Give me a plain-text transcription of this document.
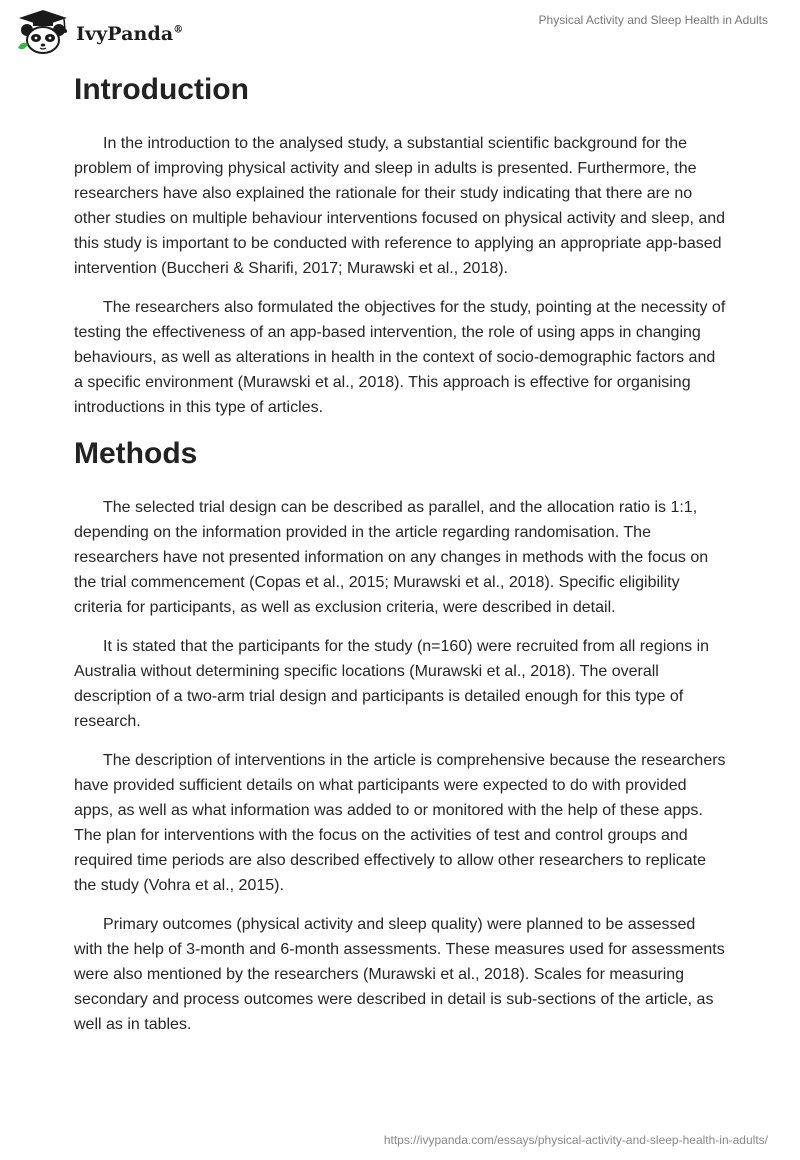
IvyPanda®
Physical Activity and Sleep Health in Adults
Introduction

In the introduction to the analysed study, a substantial scientific background for the problem of improving physical activity and sleep in adults is presented. Furthermore, the researchers have also explained the rationale for their study indicating that there are no other studies on multiple behaviour interventions focused on physical activity and sleep, and this study is important to be conducted with reference to applying an appropriate app-based intervention (Buccheri & Sharifi, 2017; Murawski et al., 2018).

The researchers also formulated the objectives for the study, pointing at the necessity of testing the effectiveness of an app-based intervention, the role of using apps in changing behaviours, as well as alterations in health in the context of socio-demographic factors and a specific environment (Murawski et al., 2018). This approach is effective for organising introductions in this type of articles.

Methods

The selected trial design can be described as parallel, and the allocation ratio is 1:1, depending on the information provided in the article regarding randomisation. The researchers have not presented information on any changes in methods with the focus on the trial commencement (Copas et al., 2015; Murawski et al., 2018). Specific eligibility criteria for participants, as well as exclusion criteria, were described in detail.

It is stated that the participants for the study (n=160) were recruited from all regions in Australia without determining specific locations (Murawski et al., 2018). The overall description of a two-arm trial design and participants is detailed enough for this type of research.

The description of interventions in the article is comprehensive because the researchers have provided sufficient details on what participants were expected to do with provided apps, as well as what information was added to or monitored with the help of these apps. The plan for interventions with the focus on the activities of test and control groups and required time periods are also described effectively to allow other researchers to replicate the study (Vohra et al., 2015).

Primary outcomes (physical activity and sleep quality) were planned to be assessed with the help of 3-month and 6-month assessments. These measures used for assessments were also mentioned by the researchers (Murawski et al., 2018). Scales for measuring secondary and process outcomes were described in detail is sub-sections of the article, as well as in tables.

https://ivypanda.com/essays/physical-activity-and-sleep-health-in-adults/
